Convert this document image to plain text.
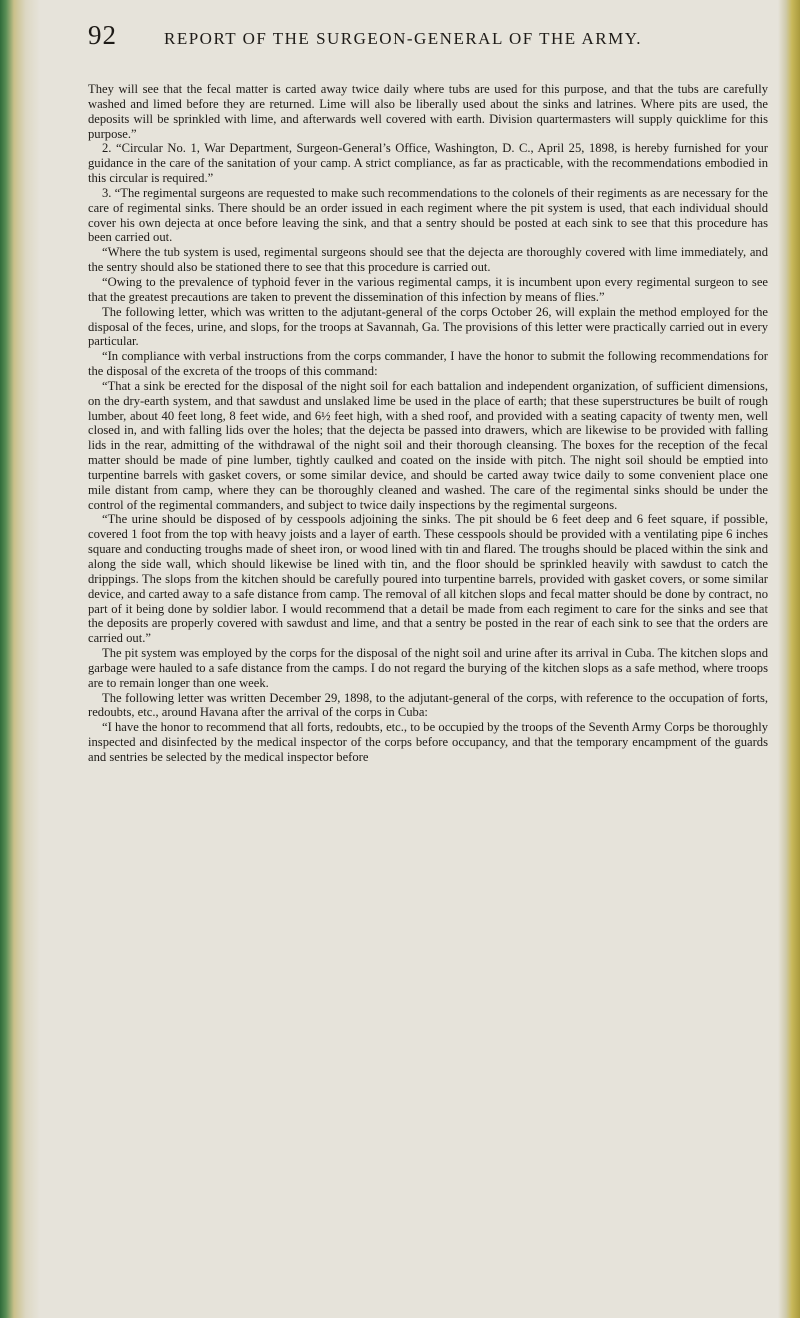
92	REPORT OF THE SURGEON-GENERAL OF THE ARMY.

They will see that the fecal matter is carted away twice daily where tubs are used for this purpose, and that the tubs are carefully washed and limed before they are returned. Lime will also be liberally used about the sinks and latrines. Where pits are used, the deposits will be sprinkled with lime, and afterwards well covered with earth. Division quartermasters will supply quicklime for this purpose.”

2. “Circular No. 1, War Department, Surgeon-General’s Office, Washington, D. C., April 25, 1898, is hereby furnished for your guidance in the care of the sanitation of your camp. A strict compliance, as far as practicable, with the recommendations embodied in this circular is required.”

3. “The regimental surgeons are requested to make such recommendations to the colonels of their regiments as are necessary for the care of regimental sinks. There should be an order issued in each regiment where the pit system is used, that each individual should cover his own dejecta at once before leaving the sink, and that a sentry should be posted at each sink to see that this procedure has been carried out.

“Where the tub system is used, regimental surgeons should see that the dejecta are thoroughly covered with lime immediately, and the sentry should also be stationed there to see that this procedure is carried out.

“Owing to the prevalence of typhoid fever in the various regimental camps, it is incumbent upon every regimental surgeon to see that the greatest precautions are taken to prevent the dissemination of this infection by means of flies.”

The following letter, which was written to the adjutant-general of the corps October 26, will explain the method employed for the disposal of the feces, urine, and slops, for the troops at Savannah, Ga. The provisions of this letter were practically carried out in every particular.

“In compliance with verbal instructions from the corps commander, I have the honor to submit the following recommendations for the disposal of the excreta of the troops of this command:

“That a sink be erected for the disposal of the night soil for each battalion and independent organization, of sufficient dimensions, on the dry-earth system, and that sawdust and unslaked lime be used in the place of earth; that these superstructures be built of rough lumber, about 40 feet long, 8 feet wide, and 6½ feet high, with a shed roof, and provided with a seating capacity of twenty men, well closed in, and with falling lids over the holes; that the dejecta be passed into drawers, which are likewise to be provided with falling lids in the rear, admitting of the withdrawal of the night soil and their thorough cleansing. The boxes for the reception of the fecal matter should be made of pine lumber, tightly caulked and coated on the inside with pitch. The night soil should be emptied into turpentine barrels with gasket covers, or some similar device, and should be carted away twice daily to some convenient place one mile distant from camp, where they can be thoroughly cleaned and washed. The care of the regimental sinks should be under the control of the regimental commanders, and subject to twice daily inspections by the regimental surgeons.

“The urine should be disposed of by cesspools adjoining the sinks. The pit should be 6 feet deep and 6 feet square, if possible, covered 1 foot from the top with heavy joists and a layer of earth. These cesspools should be provided with a ventilating pipe 6 inches square and conducting troughs made of sheet iron, or wood lined with tin and flared. The troughs should be placed within the sink and along the side wall, which should likewise be lined with tin, and the floor should be sprinkled heavily with sawdust to catch the drippings. The slops from the kitchen should be carefully poured into turpentine barrels, provided with gasket covers, or some similar device, and carted away to a safe distance from camp. The removal of all kitchen slops and fecal matter should be done by contract, no part of it being done by soldier labor. I would recommend that a detail be made from each regiment to care for the sinks and see that the deposits are properly covered with sawdust and lime, and that a sentry be posted in the rear of each sink to see that the orders are carried out.”

The pit system was employed by the corps for the disposal of the night soil and urine after its arrival in Cuba. The kitchen slops and garbage were hauled to a safe distance from the camps. I do not regard the burying of the kitchen slops as a safe method, where troops are to remain longer than one week.

The following letter was written December 29, 1898, to the adjutant-general of the corps, with reference to the occupation of forts, redoubts, etc., around Havana after the arrival of the corps in Cuba:

“I have the honor to recommend that all forts, redoubts, etc., to be occupied by the troops of the Seventh Army Corps be thoroughly inspected and disinfected by the medical inspector of the corps before occupancy, and that the temporary encampment of the guards and sentries be selected by the medical inspector before
